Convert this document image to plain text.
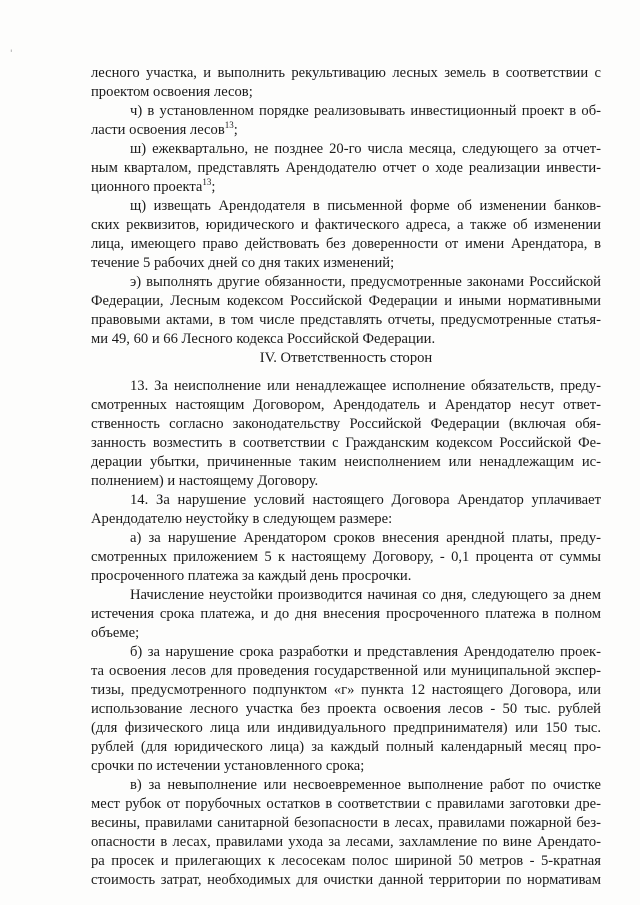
'
лесного участка, и выполнить рекультивацию лесных земель в соответствии с
проектом освоения лесов;
ч) в установленном порядке реализовывать инвестиционный проект в об-
ласти освоения лесов$^{13}$;
ш) ежеквартально, не позднее 20-го числа месяца, следующего за отчет-
ным кварталом, представлять Арендодателю отчет о ходе реализации инвести-
ционного проекта$^{13}$;
щ) извещать Арендодателя в письменной форме об изменении банков-
ских реквизитов, юридического и фактического адреса, а также об изменении
лица, имеющего право действовать без доверенности от имени Арендатора, в
течение 5 рабочих дней со дня таких изменений;
э) выполнять другие обязанности, предусмотренные законами Российской
Федерации, Лесным кодексом Российской Федерации и иными нормативными
правовыми актами, в том числе представлять отчеты, предусмотренные статья-
ми 49, 60 и 66 Лесного кодекса Российской Федерации.
IV. Ответственность сторон
13. За неисполнение или ненадлежащее исполнение обязательств, преду-
смотренных настоящим Договором, Арендодатель и Арендатор несут ответ-
ственность согласно законодательству Российской Федерации (включая обя-
занность возместить в соответствии с Гражданским кодексом Российской Фе-
дерации убытки, причиненные таким неисполнением или ненадлежащим ис-
полнением) и настоящему Договору.
14. За нарушение условий настоящего Договора Арендатор уплачивает
Арендодателю неустойку в следующем размере:
а) за нарушение Арендатором сроков внесения арендной платы, преду-
смотренных приложением 5 к настоящему Договору, - 0,1 процента от суммы
просроченного платежа за каждый день просрочки.
Начисление неустойки производится начиная со дня, следующего за днем
истечения срока платежа, и до дня внесения просроченного платежа в полном
объеме;
б) за нарушение срока разработки и представления Арендодателю проек-
та освоения лесов для проведения государственной или муниципальной экспер-
тизы, предусмотренного подпунктом «г» пункта 12 настоящего Договора, или
использование лесного участка без проекта освоения лесов - 50 тыс. рублей
(для физического лица или индивидуального предпринимателя) или 150 тыс.
рублей (для юридического лица) за каждый полный календарный месяц про-
срочки по истечении установленного срока;
в) за невыполнение или несвоевременное выполнение работ по очистке
мест рубок от порубочных остатков в соответствии с правилами заготовки дре-
весины, правилами санитарной безопасности в лесах, правилами пожарной без-
опасности в лесах, правилами ухода за лесами, захламление по вине Арендато-
ра просек и прилегающих к лесосекам полос шириной 50 метров - 5-кратная
стоимость затрат, необходимых для очистки данной территории по нормативам
